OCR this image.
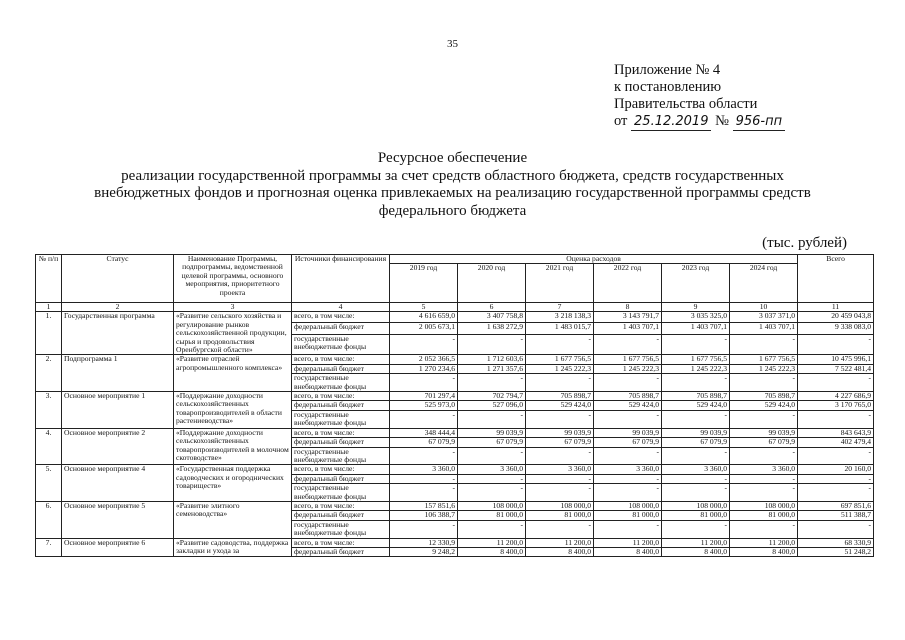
35
Приложение № 4
к постановлению
Правительства области
от 25.12.2019 № 956-пп
Ресурсное обеспечение
реализации государственной программы за счет средств областного бюджета, средств государственных
внебюджетных фондов и прогнозная оценка привлекаемых на реализацию государственной программы средств
федерального бюджета
(тыс. рублей)
№ п/п	Статус	Наименование Программы, подпрограммы, ведомственной целевой программы, основного мероприятия, приоритетного проекта	Источники финансирования	Оценка расходов						Всего
				2019 год	2020 год	2021 год	2022 год	2023 год	2024 год	
1	2	3	4	5	6	7	8	9	10	11
1.	Государственная программа	«Развитие сельского хозяйства и регулирование рынков сельскохозяйственной продукции, сырья и продовольствия Оренбургской области»	всего, в том числе:	4 616 659,0	3 407 758,8	3 218 138,3	3 143 791,7	3 035 325,0	3 037 371,0	20 459 043,8
			федеральный бюджет	2 005 673,1	1 638 272,9	1 483 015,7	1 403 707,1	1 403 707,1	1 403 707,1	9 338 083,0
			государственные внебюджетные фонды	-	-	-	-	-	-	-
2.	Подпрограмма 1	«Развитие отраслей агропромышленного комплекса»	всего, в том числе:	2 052 366,5	1 712 603,6	1 677 756,5	1 677 756,5	1 677 756,5	1 677 756,5	10 475 996,1
			федеральный бюджет	1 270 234,6	1 271 357,6	1 245 222,3	1 245 222,3	1 245 222,3	1 245 222,3	7 522 481,4
			государственные внебюджетные фонды	-	-	-	-	-	-	-
3.	Основное мероприятие 1	«Поддержание доходности сельскохозяйственных товаропроизводителей в области растениеводства»	всего, в том числе:	701 297,4	702 794,7	705 898,7	705 898,7	705 898,7	705 898,7	4 227 686,9
			федеральный бюджет	525 973,0	527 096,0	529 424,0	529 424,0	529 424,0	529 424,0	3 170 765,0
			государственные внебюджетные фонды	-	-	-	-	-	-	-
4.	Основное мероприятие 2	«Поддержание доходности сельскохозяйственных товаропроизводителей в молочном скотоводстве»	всего, в том числе:	348 444,4	99 039,9	99 039,9	99 039,9	99 039,9	99 039,9	843 643,9
			федеральный бюджет	67 079,9	67 079,9	67 079,9	67 079,9	67 079,9	67 079,9	402 479,4
			государственные внебюджетные фонды	-	-	-	-	-	-	-
5.	Основное мероприятие 4	«Государственная поддержка садоводческих и огороднических товариществ»	всего, в том числе:	3 360,0	3 360,0	3 360,0	3 360,0	3 360,0	3 360,0	20 160,0
			федеральный бюджет	-	-	-	-	-	-	-
			государственные внебюджетные фонды	-	-	-	-	-	-	-
6.	Основное мероприятие 5	«Развитие элитного семеноводства»	всего, в том числе:	157 851,6	108 000,0	108 000,0	108 000,0	108 000,0	108 000,0	697 851,6
			федеральный бюджет	106 388,7	81 000,0	81 000,0	81 000,0	81 000,0	81 000,0	511 388,7
			государственные внебюджетные фонды	-	-	-	-	-	-	-
7.	Основное мероприятие 6	«Развитие садоводства, поддержка закладки и ухода за	всего, в том числе:	12 330,9	11 200,0	11 200,0	11 200,0	11 200,0	11 200,0	68 330,9
			федеральный бюджет	9 248,2	8 400,0	8 400,0	8 400,0	8 400,0	8 400,0	51 248,2
